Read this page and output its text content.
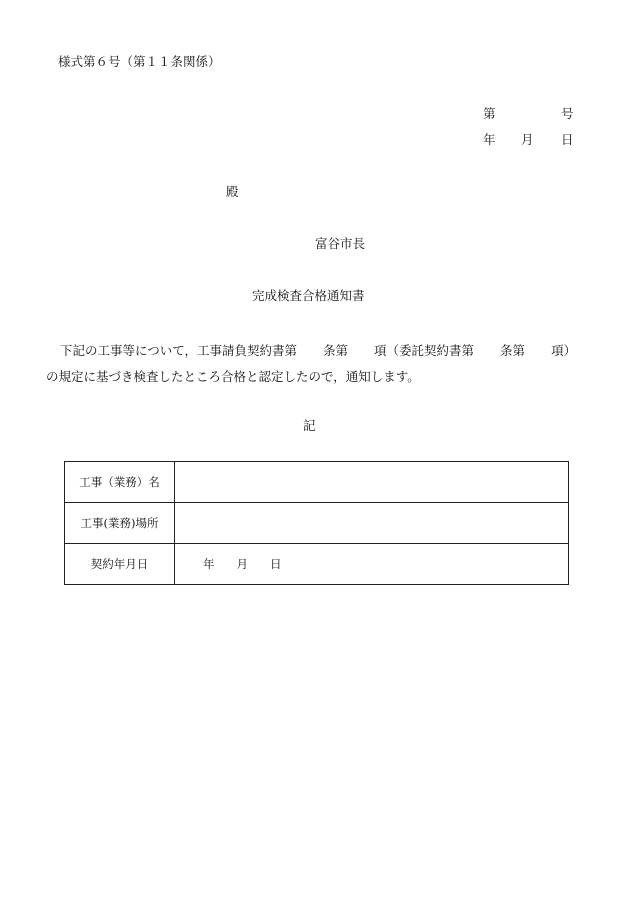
様式第６号（第１１条関係）
第	号
年 月 日
殿
富谷市長
完成検査合格通知書
下記の工事等について，工事請負契約書第 条第 項（委託契約書第 条第 項）
の規定に基づき検査したところ合格と認定したので，通知します。
記
工事（業務）名	
工事(業務)場所	
契約年月日	年 月 日
